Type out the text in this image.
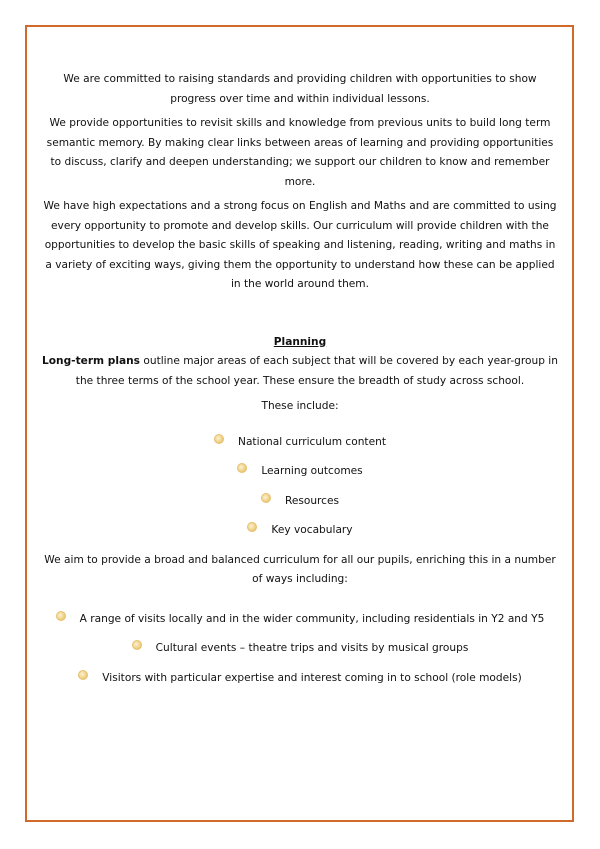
We are committed to raising standards and providing children with opportunities to show progress over time and within individual lessons.

We provide opportunities to revisit skills and knowledge from previous units to build long term semantic memory. By making clear links between areas of learning and providing opportunities to discuss, clarify and deepen understanding; we support our children to know and remember more.

We have high expectations and a strong focus on English and Maths and are committed to using every opportunity to promote and develop skills. Our curriculum will provide children with the opportunities to develop the basic skills of speaking and listening, reading, writing and maths in a variety of exciting ways, giving them the opportunity to understand how these can be applied in the world around them.

Planning

Long-term plans outline major areas of each subject that will be covered by each year-group in the three terms of the school year. These ensure the breadth of study across school.

These include:

National curriculum content
Learning outcomes
Resources
Key vocabulary

We aim to provide a broad and balanced curriculum for all our pupils, enriching this in a number of ways including:

A range of visits locally and in the wider community, including residentials in Y2 and Y5
Cultural events – theatre trips and visits by musical groups
Visitors with particular expertise and interest coming in to school (role models)
